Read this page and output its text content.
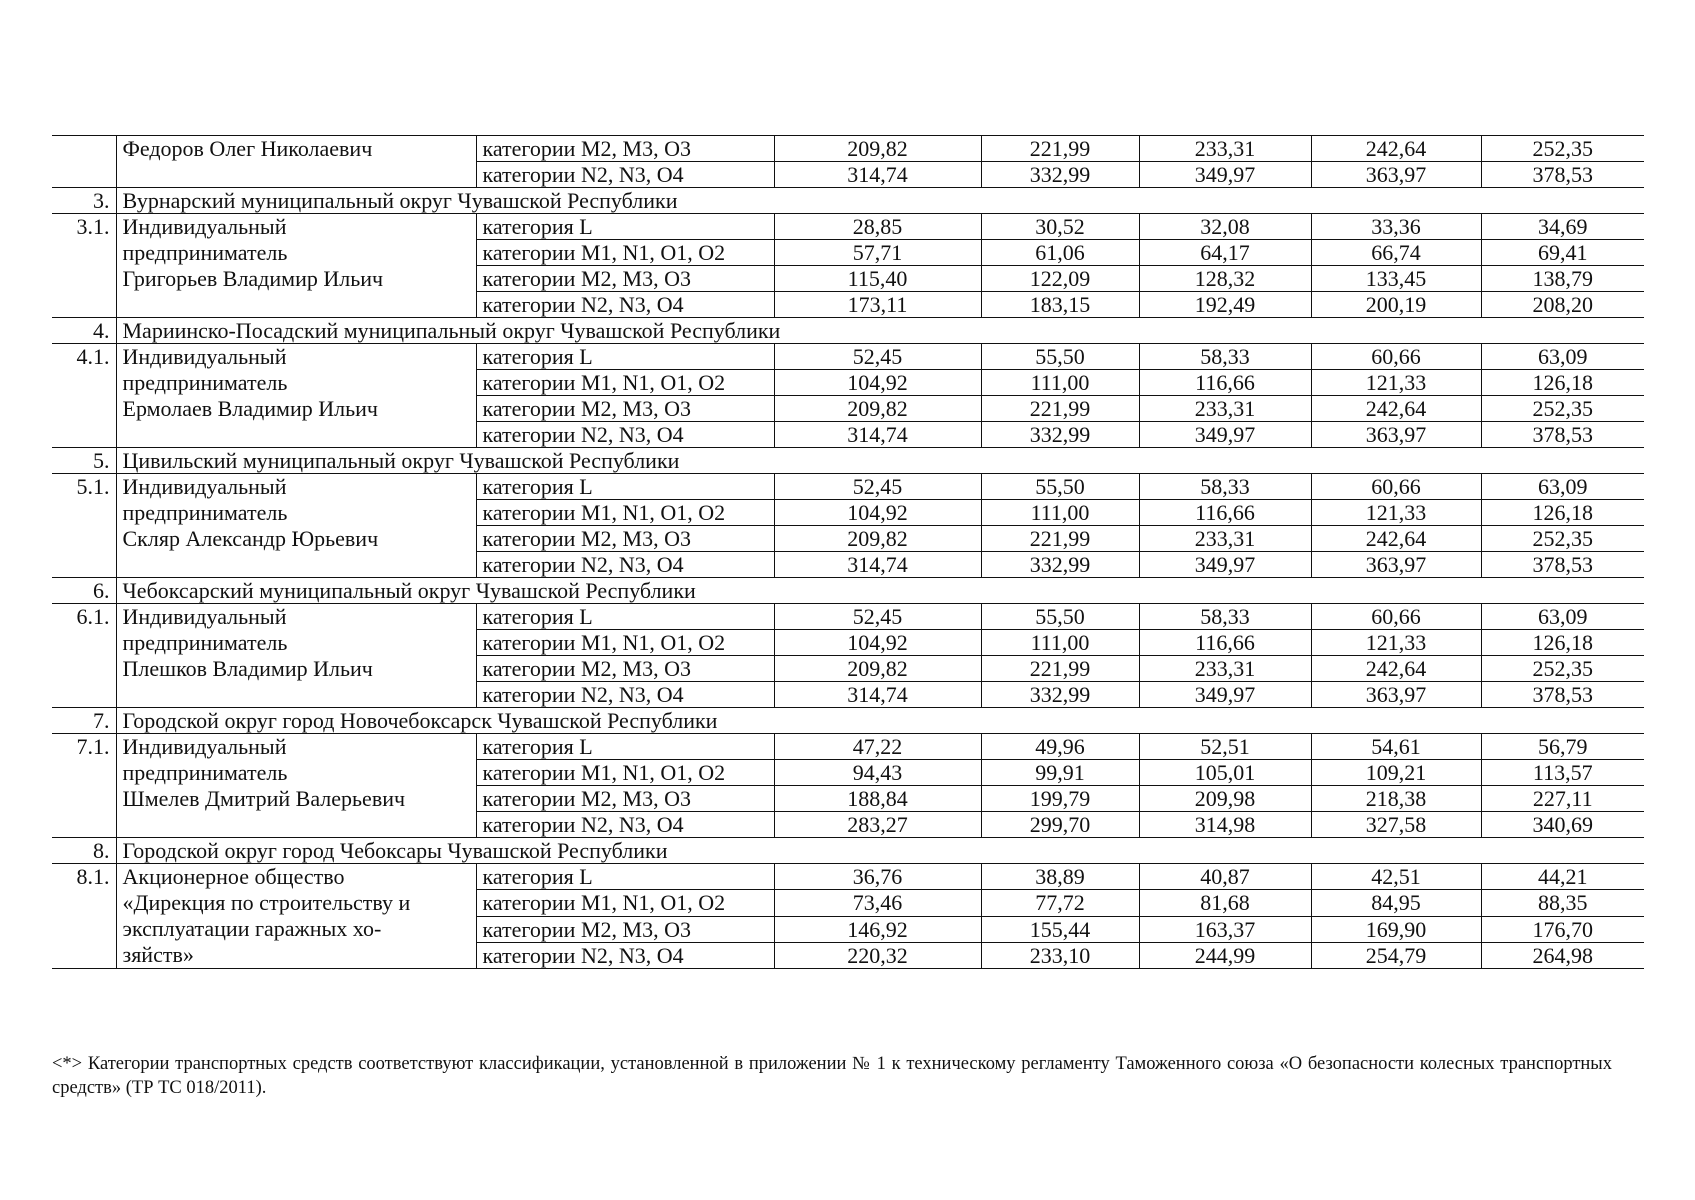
	Федоров Олег Николаевич	категории M2, M3, O3	209,82	221,99	233,31	242,64	252,35
		категории N2, N3, O4	314,74	332,99	349,97	363,97	378,53
3.	Вурнарский муниципальный округ Чувашской Республики						
3.1.	Индивидуальный
предприниматель
Григорьев Владимир Ильич	категория L	28,85	30,52	32,08	33,36	34,69
		категории M1, N1, O1, O2	57,71	61,06	64,17	66,74	69,41
		категории M2, M3, O3	115,40	122,09	128,32	133,45	138,79
		категории N2, N3, O4	173,11	183,15	192,49	200,19	208,20
4.	Мариинско-Посадский муниципальный округ Чувашской Республики						
4.1.	Индивидуальный
предприниматель
Ермолаев Владимир Ильич	категория L	52,45	55,50	58,33	60,66	63,09
		категории M1, N1, O1, O2	104,92	111,00	116,66	121,33	126,18
		категории M2, M3, O3	209,82	221,99	233,31	242,64	252,35
		категории N2, N3, O4	314,74	332,99	349,97	363,97	378,53
5.	Цивильский муниципальный округ Чувашской Республики						
5.1.	Индивидуальный
предприниматель
Скляр Александр Юрьевич	категория L	52,45	55,50	58,33	60,66	63,09
		категории M1, N1, O1, O2	104,92	111,00	116,66	121,33	126,18
		категории M2, M3, O3	209,82	221,99	233,31	242,64	252,35
		категории N2, N3, O4	314,74	332,99	349,97	363,97	378,53
6.	Чебоксарский муниципальный округ Чувашской Республики						
6.1.	Индивидуальный
предприниматель
Плешков Владимир Ильич	категория L	52,45	55,50	58,33	60,66	63,09
		категории M1, N1, O1, O2	104,92	111,00	116,66	121,33	126,18
		категории M2, M3, O3	209,82	221,99	233,31	242,64	252,35
		категории N2, N3, O4	314,74	332,99	349,97	363,97	378,53
7.	Городской округ город Новочебоксарск Чувашской Республики						
7.1.	Индивидуальный
предприниматель
Шмелев Дмитрий Валерьевич	категория L	47,22	49,96	52,51	54,61	56,79
		категории M1, N1, O1, O2	94,43	99,91	105,01	109,21	113,57
		категории M2, M3, O3	188,84	199,79	209,98	218,38	227,11
		категории N2, N3, O4	283,27	299,70	314,98	327,58	340,69
8.	Городской округ город Чебоксары Чувашской Республики						
8.1.	Акционерное общество
«Дирекция по строительству и
эксплуатации гаражных хо-
зяйств»	категория L	36,76	38,89	40,87	42,51	44,21
		категории M1, N1, O1, O2	73,46	77,72	81,68	84,95	88,35
		категории M2, M3, O3	146,92	155,44	163,37	169,90	176,70
		категории N2, N3, O4	220,32	233,10	244,99	254,79	264,98
<*> Категории транспортных средств соответствуют классификации, установленной в приложении № 1 к техническому регламенту Таможенного союза «О безопасности колесных транспортных средств» (ТР ТС 018/2011).
